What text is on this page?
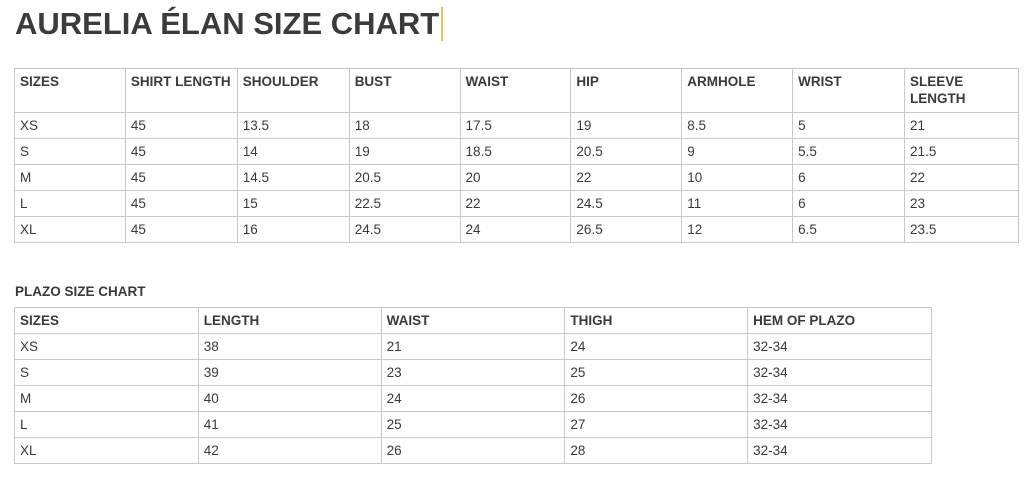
AURELIA ÉLAN SIZE CHART
SIZES	SHIRT LENGTH	SHOULDER	BUST	WAIST	HIP	ARMHOLE	WRIST	SLEEVE LENGTH
XS	45	13.5	18	17.5	19	8.5	5	21
S	45	14	19	18.5	20.5	9	5.5	21.5
M	45	14.5	20.5	20	22	10	6	22
L	45	15	22.5	22	24.5	11	6	23
XL	45	16	24.5	24	26.5	12	6.5	23.5
PLAZO SIZE CHART
SIZES	LENGTH	WAIST	THIGH	HEM OF PLAZO
XS	38	21	24	32-34
S	39	23	25	32-34
M	40	24	26	32-34
L	41	25	27	32-34
XL	42	26	28	32-34
